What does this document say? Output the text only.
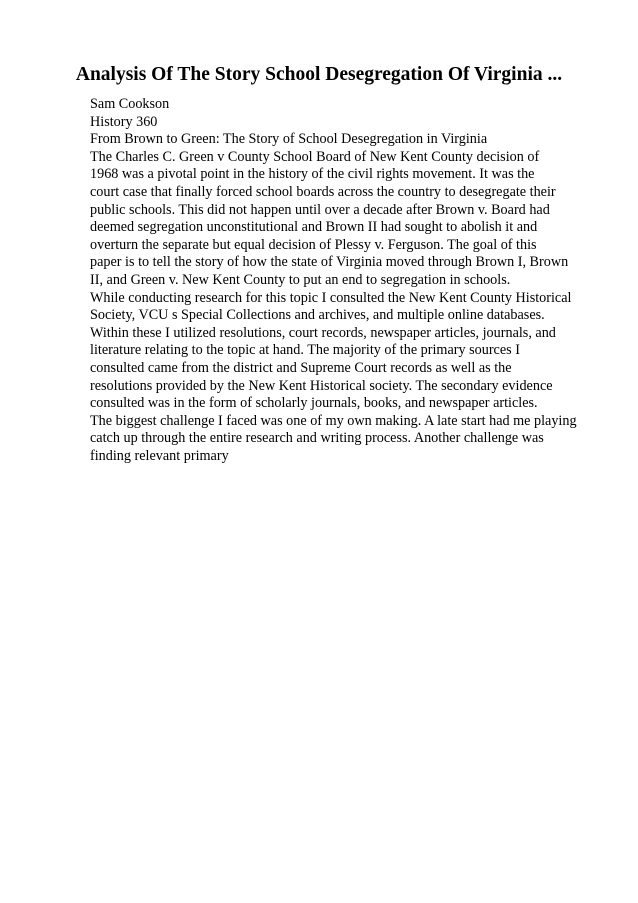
Analysis Of The Story School Desegregation Of Virginia ...

Sam Cookson

History 360

From Brown to Green: The Story of School Desegregation in Virginia

The Charles C. Green v County School Board of New Kent County decision of

1968 was a pivotal point in the history of the civil rights movement. It was the

court case that finally forced school boards across the country to desegregate their

public schools. This did not happen until over a decade after Brown v. Board had

deemed segregation unconstitutional and Brown II had sought to abolish it and

overturn the separate but equal decision of Plessy v. Ferguson. The goal of this

paper is to tell the story of how the state of Virginia moved through Brown I, Brown

II, and Green v. New Kent County to put an end to segregation in schools.

While conducting research for this topic I consulted the New Kent County Historical

Society, VCU s Special Collections and archives, and multiple online databases.

Within these I utilized resolutions, court records, newspaper articles, journals, and

literature relating to the topic at hand. The majority of the primary sources I

consulted came from the district and Supreme Court records as well as the

resolutions provided by the New Kent Historical society. The secondary evidence

consulted was in the form of scholarly journals, books, and newspaper articles.

The biggest challenge I faced was one of my own making. A late start had me playing

catch up through the entire research and writing process. Another challenge was

finding relevant primary
